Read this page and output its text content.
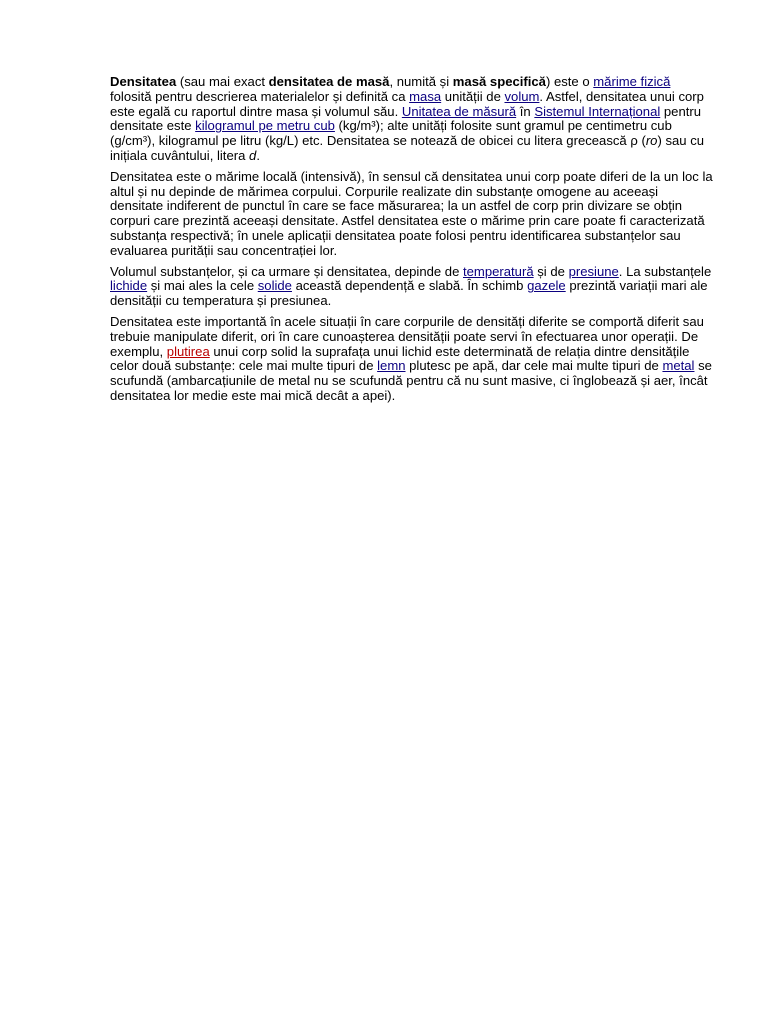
Densitatea (sau mai exact densitatea de masă, numită și masă specifică) este o mărime fizică folosită pentru descrierea materialelor și definită ca masa unității de volum. Astfel, densitatea unui corp este egală cu raportul dintre masa și volumul său. Unitatea de măsură în Sistemul Internațional pentru densitate este kilogramul pe metru cub (kg/m³); alte unități folosite sunt gramul pe centimetru cub (g/cm³), kilogramul pe litru (kg/L) etc. Densitatea se notează de obicei cu litera grecească ρ (ro) sau cu inițiala cuvântului, litera d.

Densitatea este o mărime locală (intensivă), în sensul că densitatea unui corp poate diferi de la un loc la altul și nu depinde de mărimea corpului. Corpurile realizate din substanțe omogene au aceeași densitate indiferent de punctul în care se face măsurarea; la un astfel de corp prin divizare se obțin corpuri care prezintă aceeași densitate. Astfel densitatea este o mărime prin care poate fi caracterizată substanța respectivă; în unele aplicații densitatea poate folosi pentru identificarea substanțelor sau evaluarea purității sau concentrației lor.

Volumul substanțelor, și ca urmare și densitatea, depinde de temperatură și de presiune. La substanțele lichide și mai ales la cele solide această dependență e slabă. În schimb gazele prezintă variații mari ale densității cu temperatura și presiunea.

Densitatea este importantă în acele situații în care corpurile de densități diferite se comportă diferit sau trebuie manipulate diferit, ori în care cunoașterea densității poate servi în efectuarea unor operații. De exemplu, plutirea unui corp solid la suprafața unui lichid este determinată de relația dintre densitățile celor două substanțe: cele mai multe tipuri de lemn plutesc pe apă, dar cele mai multe tipuri de metal se scufundă (ambarcațiunile de metal nu se scufundă pentru că nu sunt masive, ci înglobează și aer, încât densitatea lor medie este mai mică decât a apei).
